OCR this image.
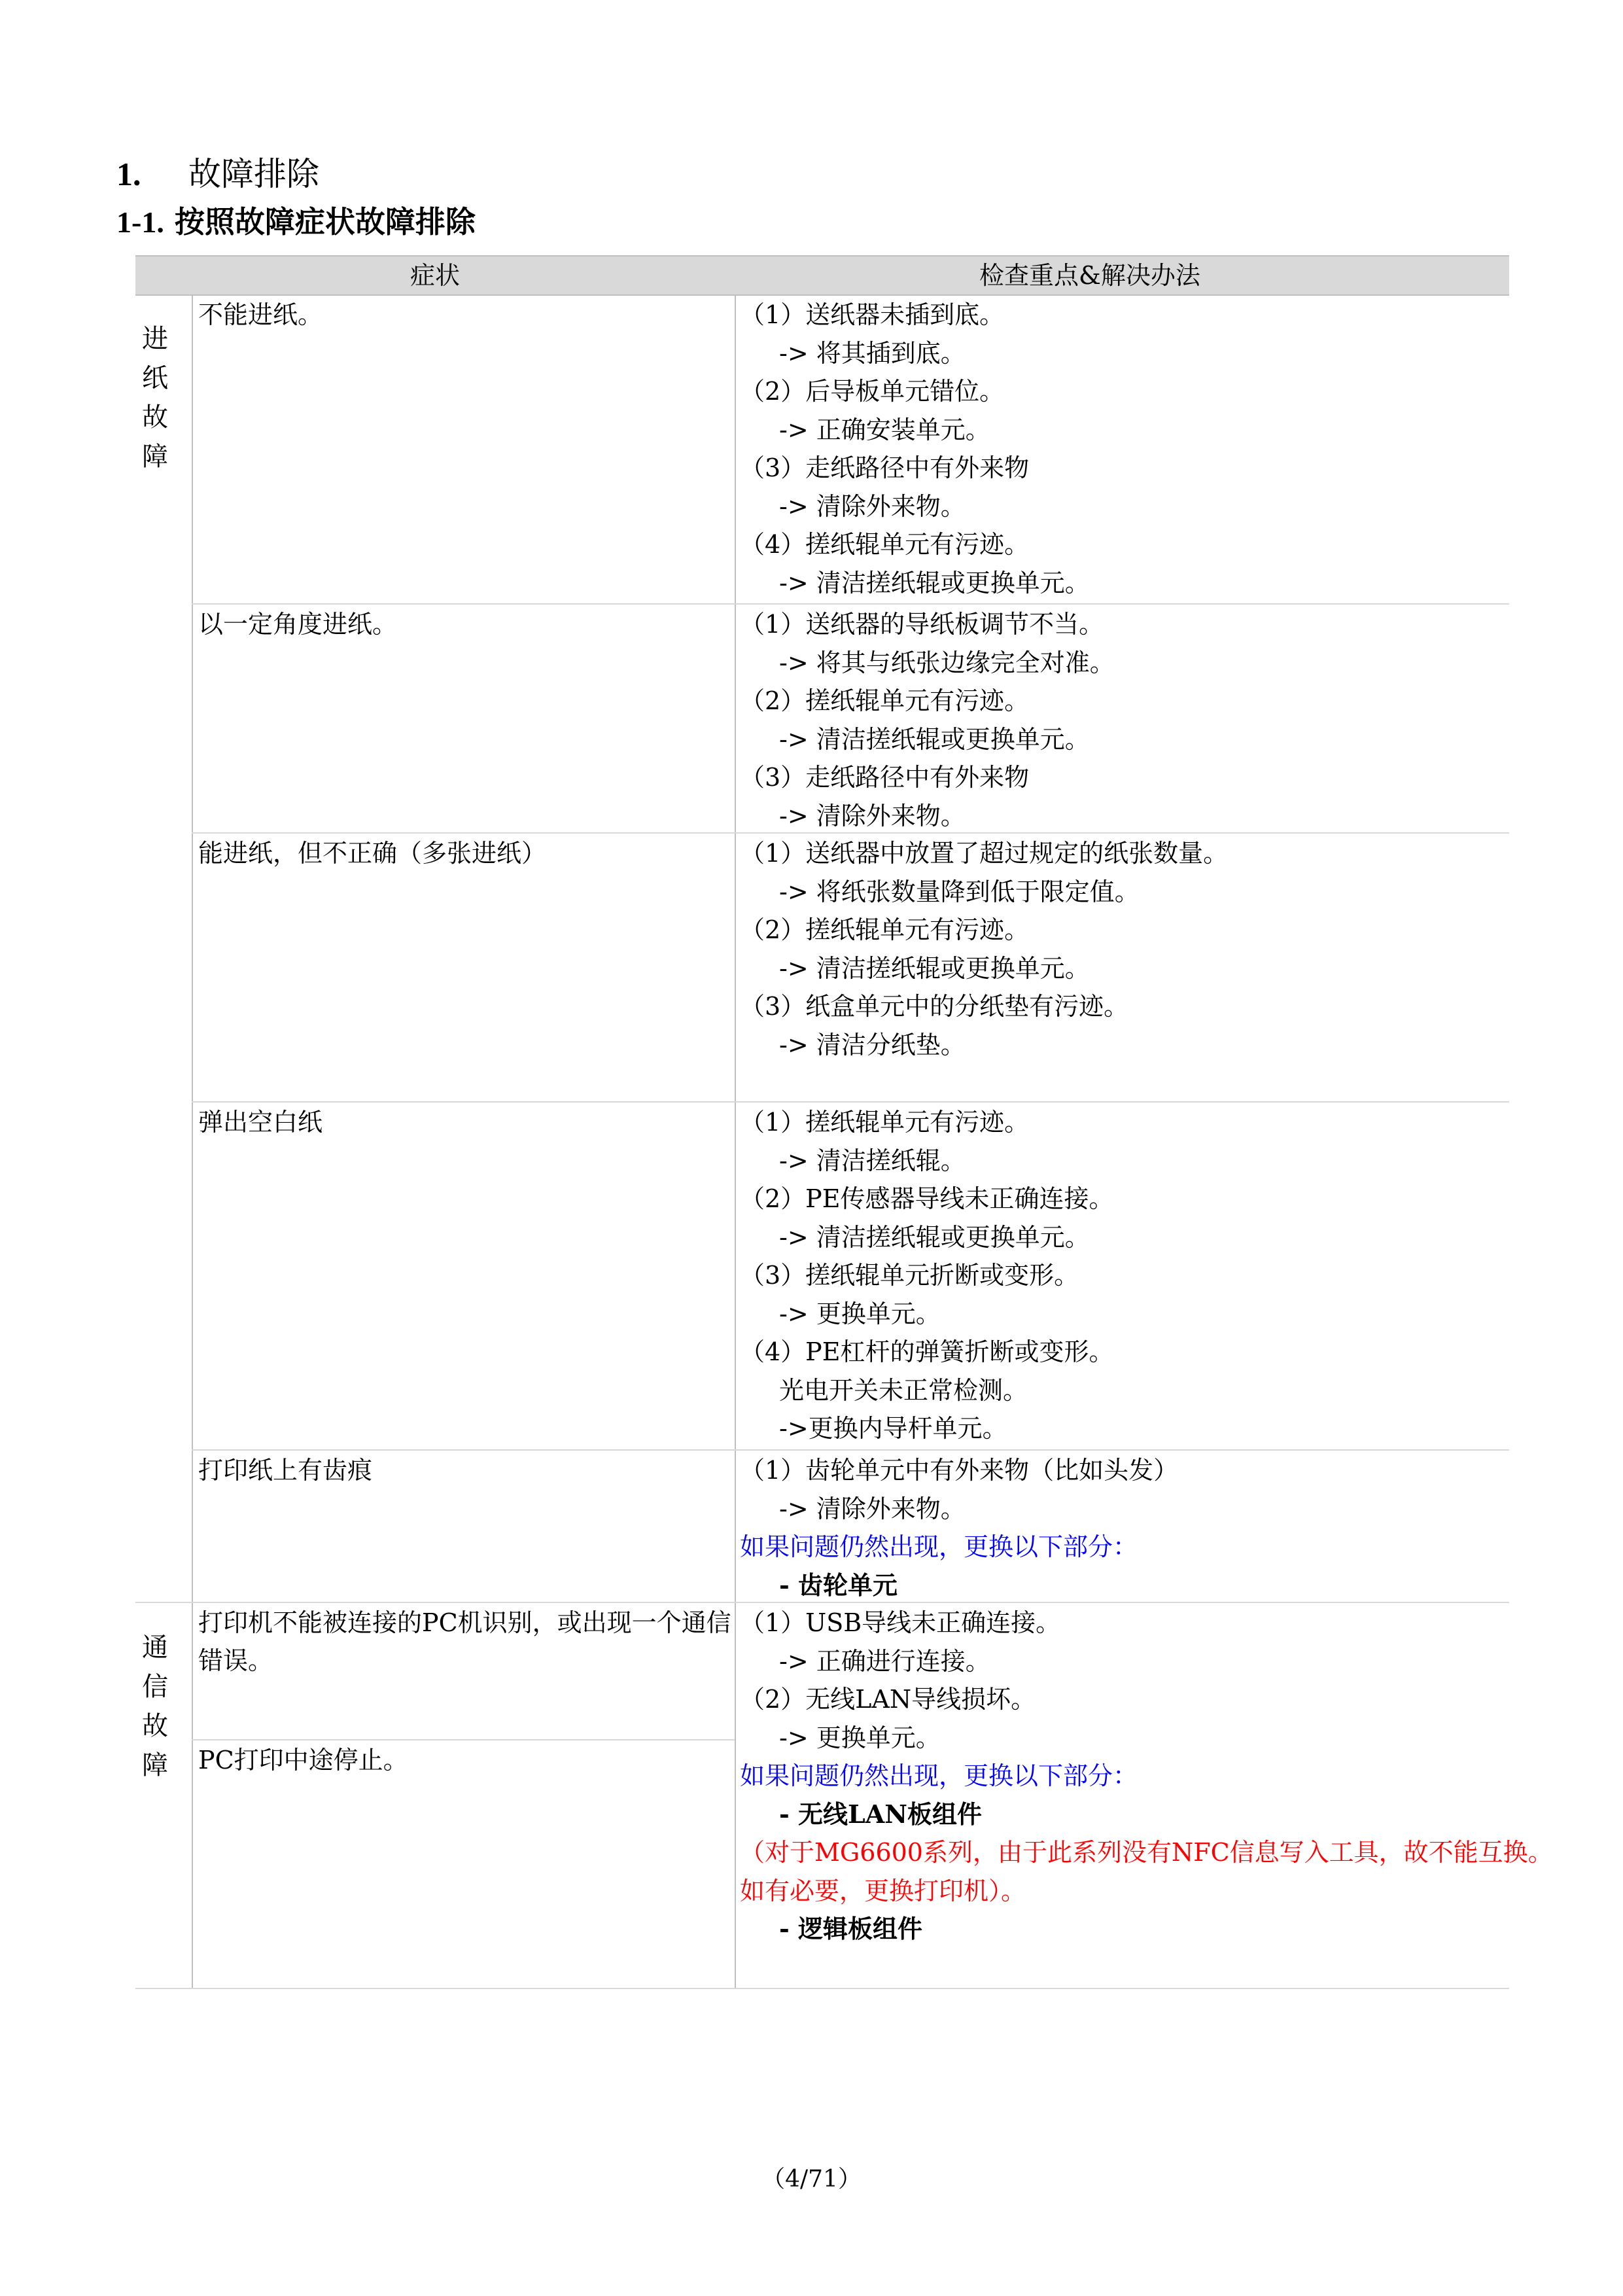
1. 故障排除
1-1. 按照故障症状故障排除
症状	检查重点&解决办法
进
纸
故
障
通
信
故
障
不能进纸。
以一定角度进纸。
能进纸，但不正确（多张进纸）
弹出空白纸
打印纸上有齿痕
打印机不能被连接的PC机识别，或出现一个通信错误。
PC打印中途停止。
（1）送纸器未插到底。
-> 将其插到底。
（2）后导板单元错位。
-> 正确安装单元。
（3）走纸路径中有外来物
-> 清除外来物。
（4）搓纸辊单元有污迹。
-> 清洁搓纸辊或更换单元。
（1）送纸器的导纸板调节不当。
-> 将其与纸张边缘完全对准。
（2）搓纸辊单元有污迹。
-> 清洁搓纸辊或更换单元。
（3）走纸路径中有外来物
-> 清除外来物。
（1）送纸器中放置了超过规定的纸张数量。
-> 将纸张数量降到低于限定值。
（2）搓纸辊单元有污迹。
-> 清洁搓纸辊或更换单元。
（3）纸盒单元中的分纸垫有污迹。
-> 清洁分纸垫。
（1）搓纸辊单元有污迹。
-> 清洁搓纸辊。
（2）PE传感器导线未正确连接。
-> 清洁搓纸辊或更换单元。
（3）搓纸辊单元折断或变形。
-> 更换单元。
（4）PE杠杆的弹簧折断或变形。
光电开关未正常检测。
->更换内导杆单元。
（1）齿轮单元中有外来物（比如头发）
-> 清除外来物。
如果问题仍然出现，更换以下部分：
- 齿轮单元
（1）USB导线未正确连接。
-> 正确进行连接。
（2）无线LAN导线损坏。
-> 更换单元。
如果问题仍然出现，更换以下部分：
- 无线LAN板组件
（对于MG6600系列，由于此系列没有NFC信息写入工具，故不能互换。
如有必要，更换打印机）。
- 逻辑板组件
（4/71）
